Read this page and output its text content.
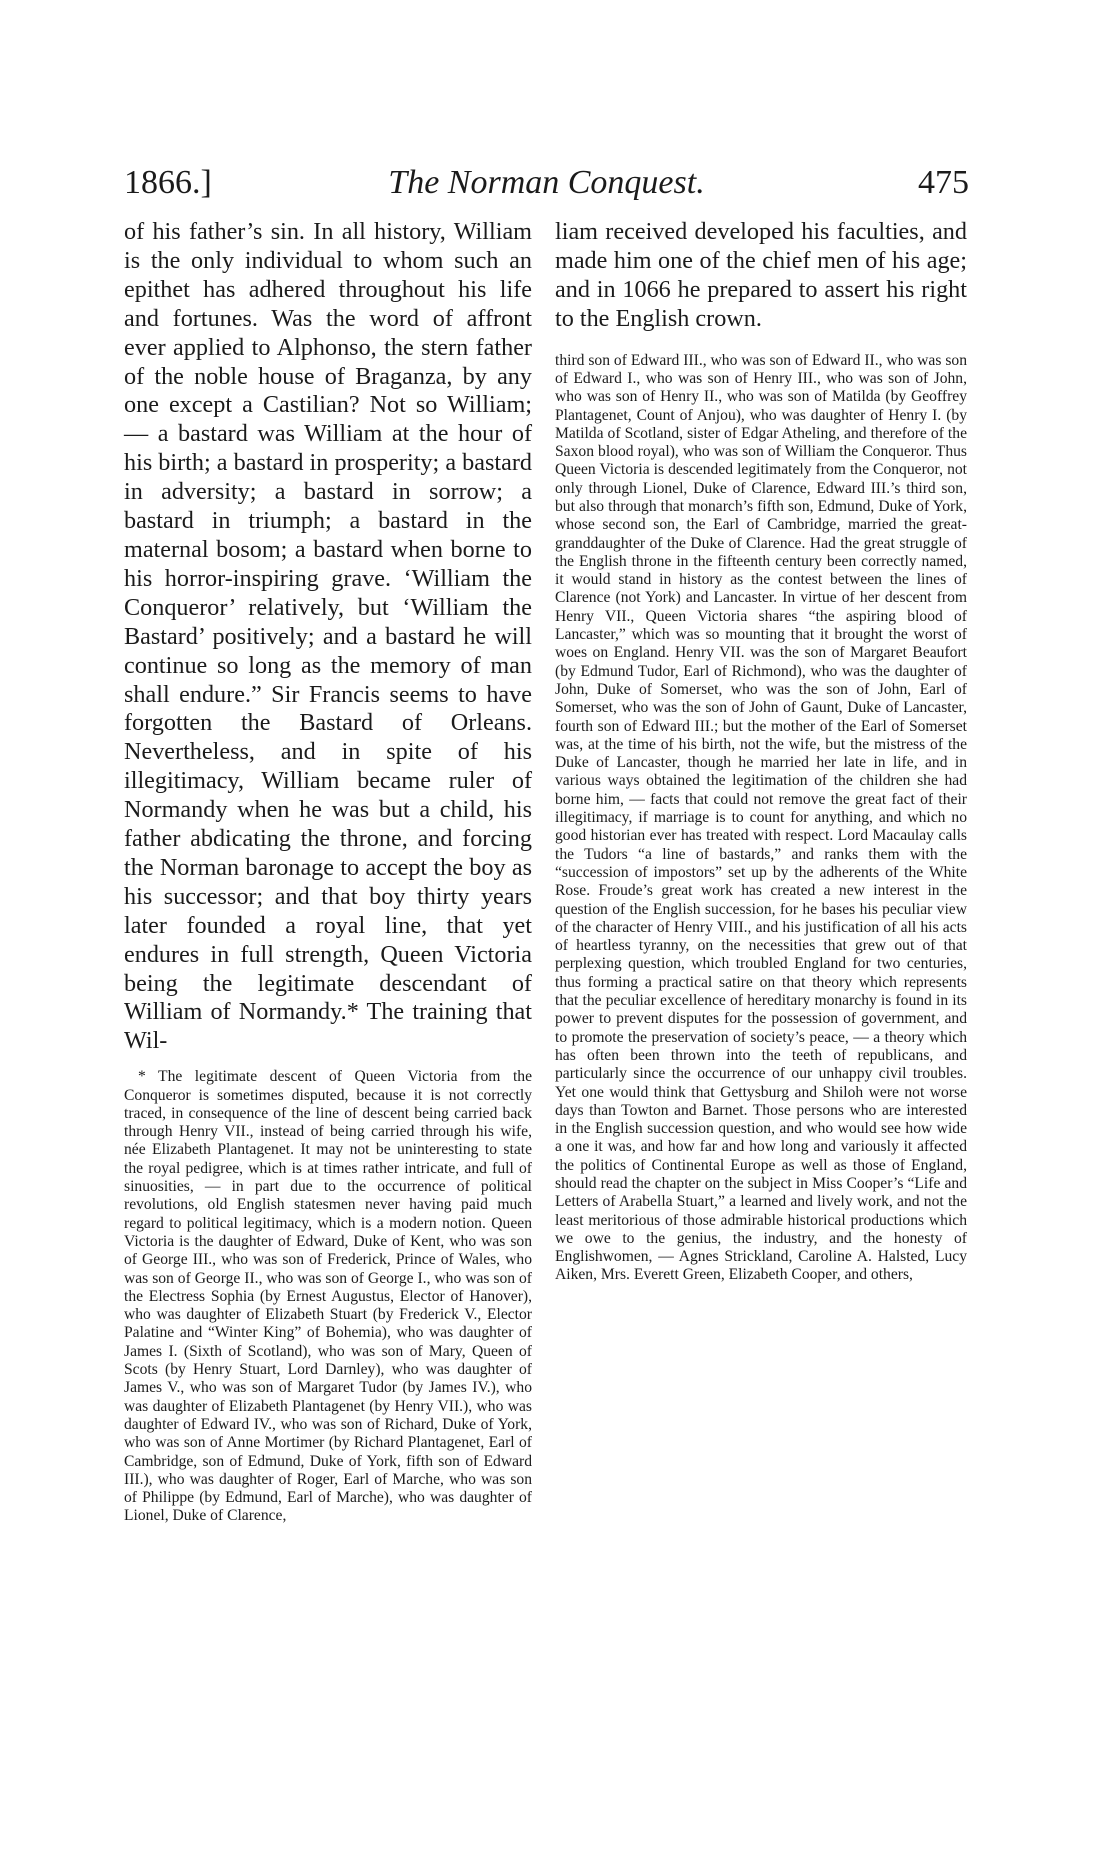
1866.]	The Norman Conquest.	475

of his father’s sin. In all history, William is the only individual to whom such an epithet has adhered throughout his life and fortunes. Was the word of affront ever applied to Alphonso, the stern father of the noble house of Braganza, by any one except a Castilian? Not so William; — a bastard was William at the hour of his birth; a bastard in prosperity; a bastard in adversity; a bastard in sorrow; a bastard in triumph; a bastard in the maternal bosom; a bastard when borne to his horror-inspiring grave. ‘William the Conqueror’ relatively, but ‘William the Bastard’ positively; and a bastard he will continue so long as the memory of man shall endure.” Sir Francis seems to have forgotten the Bastard of Orleans. Nevertheless, and in spite of his illegitimacy, William became ruler of Normandy when he was but a child, his father abdicating the throne, and forcing the Norman baronage to accept the boy as his successor; and that boy thirty years later founded a royal line, that yet endures in full strength, Queen Victoria being the legitimate descendant of William of Normandy.* The training that Wil-

* The legitimate descent of Queen Victoria from the Conqueror is sometimes disputed, because it is not correctly traced, in consequence of the line of descent being carried back through Henry VII., instead of being carried through his wife, née Elizabeth Plantagenet. It may not be uninteresting to state the royal pedigree, which is at times rather intricate, and full of sinuosities, — in part due to the occurrence of political revolutions, old English statesmen never having paid much regard to political legitimacy, which is a modern notion. Queen Victoria is the daughter of Edward, Duke of Kent, who was son of George III., who was son of Frederick, Prince of Wales, who was son of George II., who was son of George I., who was son of the Electress Sophia (by Ernest Augustus, Elector of Hanover), who was daughter of Elizabeth Stuart (by Frederick V., Elector Palatine and “Winter King” of Bohemia), who was daughter of James I. (Sixth of Scotland), who was son of Mary, Queen of Scots (by Henry Stuart, Lord Darnley), who was daughter of James V., who was son of Margaret Tudor (by James IV.), who was daughter of Elizabeth Plantagenet (by Henry VII.), who was daughter of Edward IV., who was son of Richard, Duke of York, who was son of Anne Mortimer (by Richard Plantagenet, Earl of Cambridge, son of Edmund, Duke of York, fifth son of Edward III.), who was daughter of Roger, Earl of Marche, who was son of Philippe (by Edmund, Earl of Marche), who was daughter of Lionel, Duke of Clarence,

liam received developed his faculties, and made him one of the chief men of his age; and in 1066 he prepared to assert his right to the English crown.

third son of Edward III., who was son of Edward II., who was son of Edward I., who was son of Henry III., who was son of John, who was son of Henry II., who was son of Matilda (by Geoffrey Plantagenet, Count of Anjou), who was daughter of Henry I. (by Matilda of Scotland, sister of Edgar Atheling, and therefore of the Saxon blood royal), who was son of William the Conqueror. Thus Queen Victoria is descended legitimately from the Conqueror, not only through Lionel, Duke of Clarence, Edward III.’s third son, but also through that monarch’s fifth son, Edmund, Duke of York, whose second son, the Earl of Cambridge, married the great-granddaughter of the Duke of Clarence. Had the great struggle of the English throne in the fifteenth century been correctly named, it would stand in history as the contest between the lines of Clarence (not York) and Lancaster. In virtue of her descent from Henry VII., Queen Victoria shares “the aspiring blood of Lancaster,” which was so mounting that it brought the worst of woes on England. Henry VII. was the son of Margaret Beaufort (by Edmund Tudor, Earl of Richmond), who was the daughter of John, Duke of Somerset, who was the son of John, Earl of Somerset, who was the son of John of Gaunt, Duke of Lancaster, fourth son of Edward III.; but the mother of the Earl of Somerset was, at the time of his birth, not the wife, but the mistress of the Duke of Lancaster, though he married her late in life, and in various ways obtained the legitimation of the children she had borne him, — facts that could not remove the great fact of their illegitimacy, if marriage is to count for anything, and which no good historian ever has treated with respect. Lord Macaulay calls the Tudors “a line of bastards,” and ranks them with the “succession of impostors” set up by the adherents of the White Rose. Froude’s great work has created a new interest in the question of the English succession, for he bases his peculiar view of the character of Henry VIII., and his justification of all his acts of heartless tyranny, on the necessities that grew out of that perplexing question, which troubled England for two centuries, thus forming a practical satire on that theory which represents that the peculiar excellence of hereditary monarchy is found in its power to prevent disputes for the possession of government, and to promote the preservation of society’s peace, — a theory which has often been thrown into the teeth of republicans, and particularly since the occurrence of our unhappy civil troubles. Yet one would think that Gettysburg and Shiloh were not worse days than Towton and Barnet. Those persons who are interested in the English succession question, and who would see how wide a one it was, and how far and how long and variously it affected the politics of Continental Europe as well as those of England, should read the chapter on the subject in Miss Cooper’s “Life and Letters of Arabella Stuart,” a learned and lively work, and not the least meritorious of those admirable historical productions which we owe to the genius, the industry, and the honesty of Englishwomen, — Agnes Strickland, Caroline A. Halsted, Lucy Aiken, Mrs. Everett Green, Elizabeth Cooper, and others,
